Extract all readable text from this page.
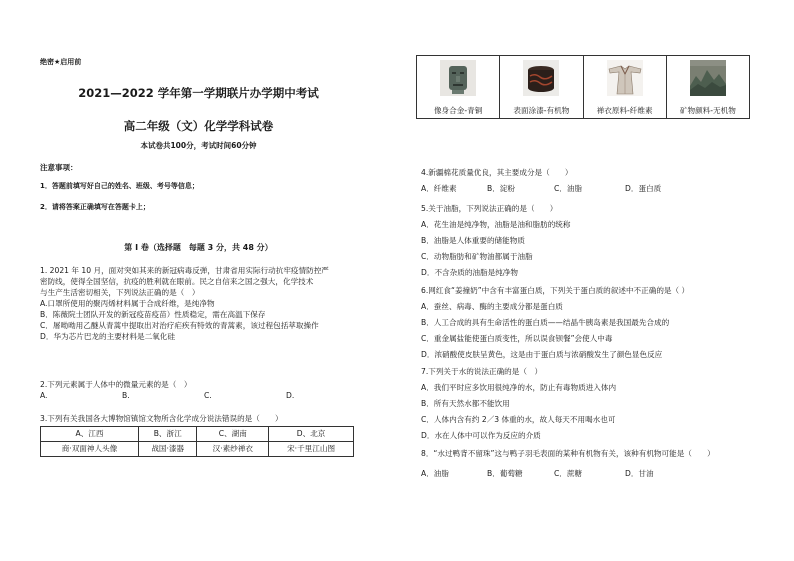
绝密★启用前
2021—2022 学年第一学期联片办学期中考试
高二年级（文）化学学科试卷
本试卷共100分，考试时间60分钟
注意事项：
1．答题前填写好自己的姓名、班级、考号等信息；
2．请将答案正确填写在答题卡上；
第 I 卷（选择题　每题 3 分，共 48 分）
1. 2021 年 10 月，面对突如其来的新冠病毒反弹，甘肃省用实际行动抗牢疫情防控严
密防线，使得全国坚信，抗疫的胜利就在眼前。民之自信来之国之强大，化学技术
与生产生活密切相关，下列说法正确的是（　）
A.口罩所使用的聚丙烯材料属于合成纤维，是纯净物
B．陈薇院士团队开发的新冠疫苗疫苗）性质稳定，需在高温下保存
C．屠呦呦用乙醚从青蒿中提取出对治疗疟疾有特效的青蒿素，该过程包括萃取操作
D．华为芯片巴龙的主要材料是二氧化硅
2.下列元素属于人体中的微量元素的是（　）
A.	B.	C.	D.
3.下列有关我国各大博物馆镇馆文物所含化学成分说法错误的是（　　）
A、江西	B、浙江	C、湖南	D、北京
商·双面神人头像	战国·漆器	汉·素纱禅衣	宋·千里江山图
像身合金-青铜	表面涂漆-有机物	禅衣原料-纤维素	矿物颜料-无机物
4.新疆棉花质量优良，其主要成分是（　　）
A．纤维素	B．淀粉	C．油脂	D．蛋白质
5.关于油脂，下列说法正确的是（　　）
A．花生油是纯净物，油脂是油和脂肪的统称
B．油脂是人体重要的储能物质
C．动物脂肪和矿物油都属于油脂
D．不含杂质的油脂是纯净物
6.网红食“姜撞奶”中含有丰富蛋白质，下列关于蛋白质的叙述中不正确的是（ ）
A．蚕丝、病毒、酶的主要成分都是蛋白质
B．人工合成的具有生命活性的蛋白质——结晶牛胰岛素是我国最先合成的
C．重金属盐能使蛋白质变性，所以误食钡餐”会使人中毒
D．浓硝酸使皮肤呈黄色，这是由于蛋白质与浓硝酸发生了颜色显色反应
7.下列关于水的说法正确的是（　）
A．我们平时应多饮用很纯净的水，防止有毒物质进入体内
B．所有天然水都不能饮用
C．人体内含有约 2／3 体重的水，故人每天不用喝水也可
D．水在人体中可以作为反应的介质
8．“水过鸭背不留珠”这与鸭子羽毛表面的某种有机物有关，该种有机物可能是（　　）
A．油脂	B．葡萄糖	C．蔗糖	D．甘油
